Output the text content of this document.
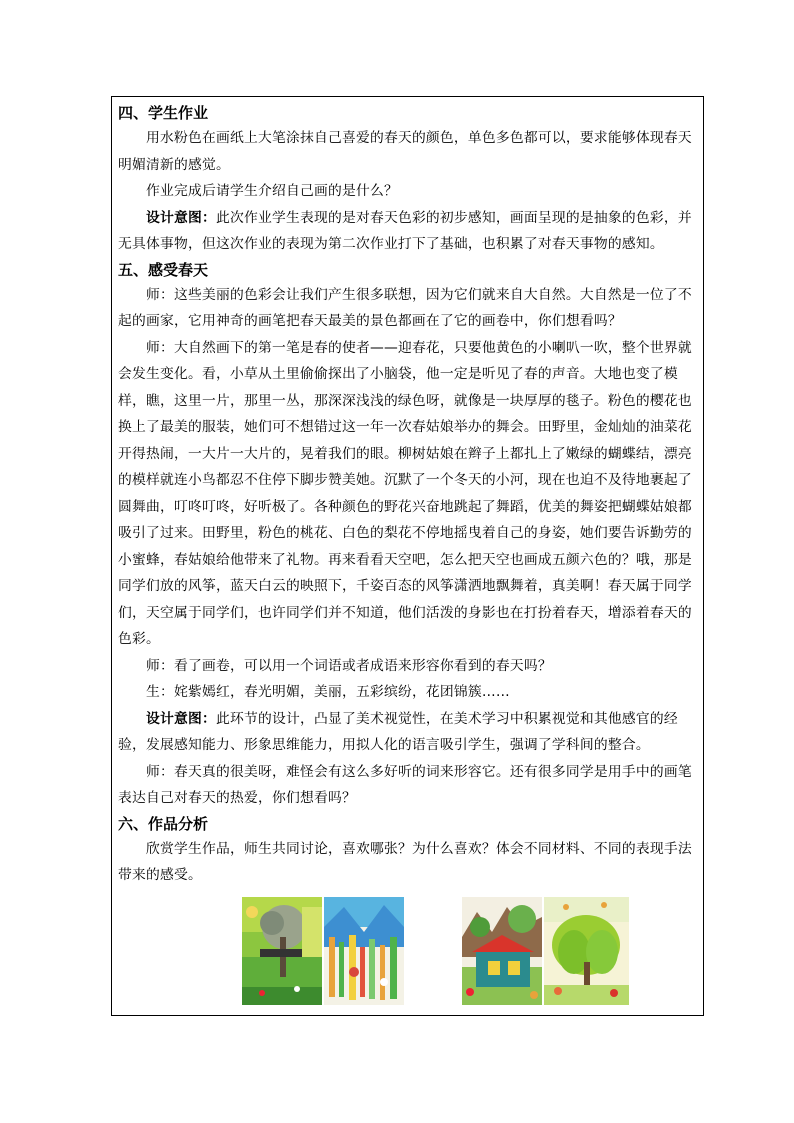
四、学生作业

用水粉色在画纸上大笔涂抹自己喜爱的春天的颜色，单色多色都可以，要求能够体现春天明媚清新的感觉。

作业完成后请学生介绍自己画的是什么？

设计意图：此次作业学生表现的是对春天色彩的初步感知，画面呈现的是抽象的色彩，并无具体事物，但这次作业的表现为第二次作业打下了基础，也积累了对春天事物的感知。

五、感受春天

师：这些美丽的色彩会让我们产生很多联想，因为它们就来自大自然。大自然是一位了不起的画家，它用神奇的画笔把春天最美的景色都画在了它的画卷中，你们想看吗？

师：大自然画下的第一笔是春的使者——迎春花，只要他黄色的小喇叭一吹，整个世界就会发生变化。看，小草从土里偷偷探出了小脑袋，他一定是听见了春的声音。大地也变了模样，瞧，这里一片，那里一丛，那深深浅浅的绿色呀，就像是一块厚厚的毯子。粉色的樱花也换上了最美的服装，她们可不想错过这一年一次春姑娘举办的舞会。田野里，金灿灿的油菜花开得热闹，一大片一大片的，晃着我们的眼。柳树姑娘在辫子上都扎上了嫩绿的蝴蝶结，漂亮的模样就连小鸟都忍不住停下脚步赞美她。沉默了一个冬天的小河，现在也迫不及待地裹起了圆舞曲，叮咚叮咚，好听极了。各种颜色的野花兴奋地跳起了舞蹈，优美的舞姿把蝴蝶姑娘都吸引了过来。田野里，粉色的桃花、白色的梨花不停地摇曳着自己的身姿，她们要告诉勤劳的小蜜蜂，春姑娘给他带来了礼物。再来看看天空吧，怎么把天空也画成五颜六色的？哦，那是同学们放的风筝，蓝天白云的映照下，千姿百态的风筝潇洒地飘舞着，真美啊！春天属于同学们，天空属于同学们，也许同学们并不知道，他们活泼的身影也在打扮着春天，增添着春天的色彩。

师：看了画卷，可以用一个词语或者成语来形容你看到的春天吗？

生：姹紫嫣红，春光明媚，美丽，五彩缤纷，花团锦簇……

设计意图：此环节的设计，凸显了美术视觉性，在美术学习中积累视觉和其他感官的经验，发展感知能力、形象思维能力，用拟人化的语言吸引学生，强调了学科间的整合。

师：春天真的很美呀，难怪会有这么多好听的词来形容它。还有很多同学是用手中的画笔表达自己对春天的热爱，你们想看吗？

六、作品分析

欣赏学生作品，师生共同讨论，喜欢哪张？为什么喜欢？体会不同材料、不同的表现手法带来的感受。
